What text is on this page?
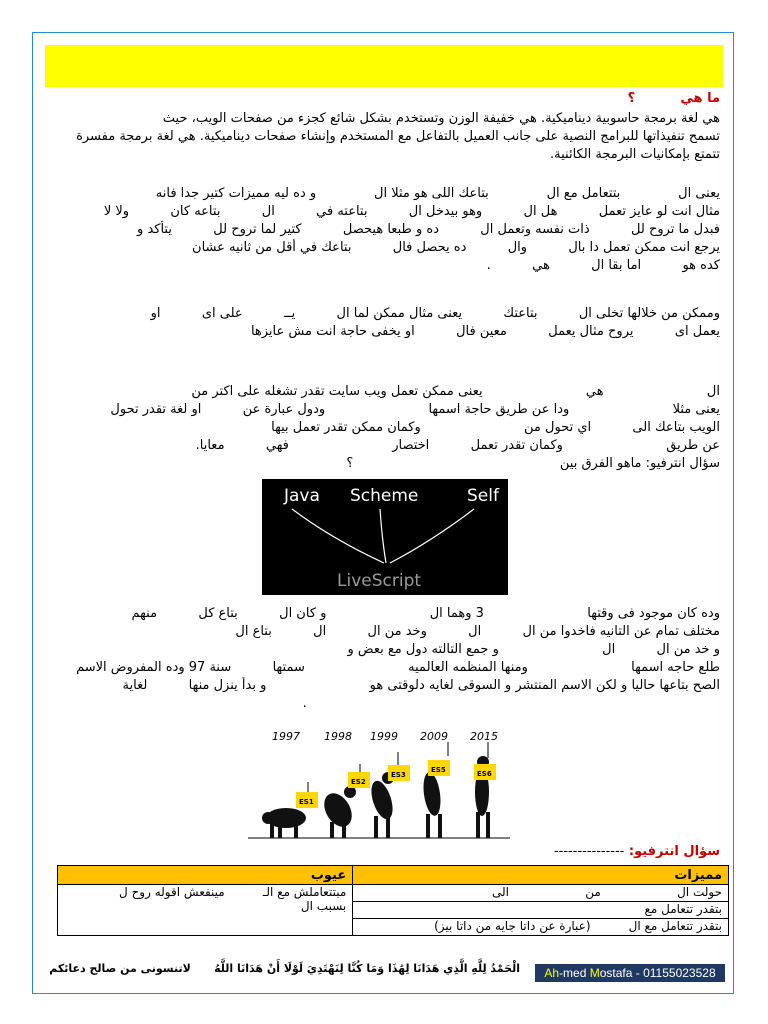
ما هي          ؟
هي لغة برمجة حاسوبية ديناميكية. هي خفيفة الوزن وتستخدم بشكل شائع كجزء من صفحات الويب، حيث
تسمح تنفيذاتها للبرامج النصية على جانب العميل بالتفاعل مع المستخدم وإنشاء صفحات ديناميكية. هي لغة برمجة مفسرة
تتمتع بإمكانيات البرمجة الكائنية.
يعنى ال              بتتعامل مع ال              بتاعك اللى هو مثلا ال              و ده ليه مميزات كتير جدا فانه
مثال انت لو عايز تعمل          هل ال          وهو بيدخل ال          بتاعته في          ال          بتاعه كان          ولا لا
فبدل ما تروح لل          ذات نفسه وتعمل ال          ده و طبعا هيحصل          كتير لما تروح لل          يتأكد و
يرجع انت ممكن تعمل دا بال          وال          ده يحصل فال          بتاعك في أقل من ثانيه عشان
كده هو          اما بقا ال          هي          .
وممكن من خلالها تخلى ال          بتاعتك          يعنى مثال ممكن لما ال          يــ          على اى          او
يعمل اى          يروح مثال يعمل          معين فال          او يخفى حاجة انت مش عايزها
ال                         هي                         يعنى ممكن تعمل ويب سايت تقدر تشغله على اكتر من
يعنى مثلا                         ودا عن طريق حاجة اسمها                         ودول عبارة عن          او لغة تقدر تحول
الويب بتاعك الى          اي تحول من                         وكمان ممكن تقدر تعمل بيها
عن طريق                         وكمان تقدر تعمل          اختصار                         فهي          معايا.
سؤال انترفيو: ماهو الفرق بين                                                  ؟
Java Scheme	Self
LiveScript
وده كان موجود فى وقتها                         3 وهما ال                         و كان ال          بتاع كل          منهم
مختلف تمام عن التانيه فاخدوا من ال          ال          وخد من ال          ال          بتاع ال
و خد من ال          ال                         و جمع التالته دول مع بعض و
طلع حاجه اسمها                         ومنها المنظمه العالميه                         سمتها          سنة 97 وده المفروض الاسم
الصح بتاعها حاليا و لكن الاسم المنتشر و السوقى لغايه دلوقتى هو                         و بدأ ينزل منها          لغاية
.
1997 1998 1999 2009 2015
ES1
ES2
ES3
ES5	ES6
سؤال انترفيو: ---------------
مميزات	عيوب
حولت ال                    من                    الى	مبتتعاملش مع الـ          مينفعش اقوله روح ل
بسبب ال
بتقدر تتعامل مع	
بتقدر تتعامل مع ال          (عبارة عن داتا جايه من داتا بيز)	
Ah-med Mostafa - 01155023528
الْحَمْدُ لِلَّهِ الَّذِي هَدَانَا لِهَٰذَا وَمَا كُنَّا لِنَهْتَدِيَ لَوْلَا أَنْ هَدَانَا اللَّهُ
لاتنسونى من صالح دعائكم
